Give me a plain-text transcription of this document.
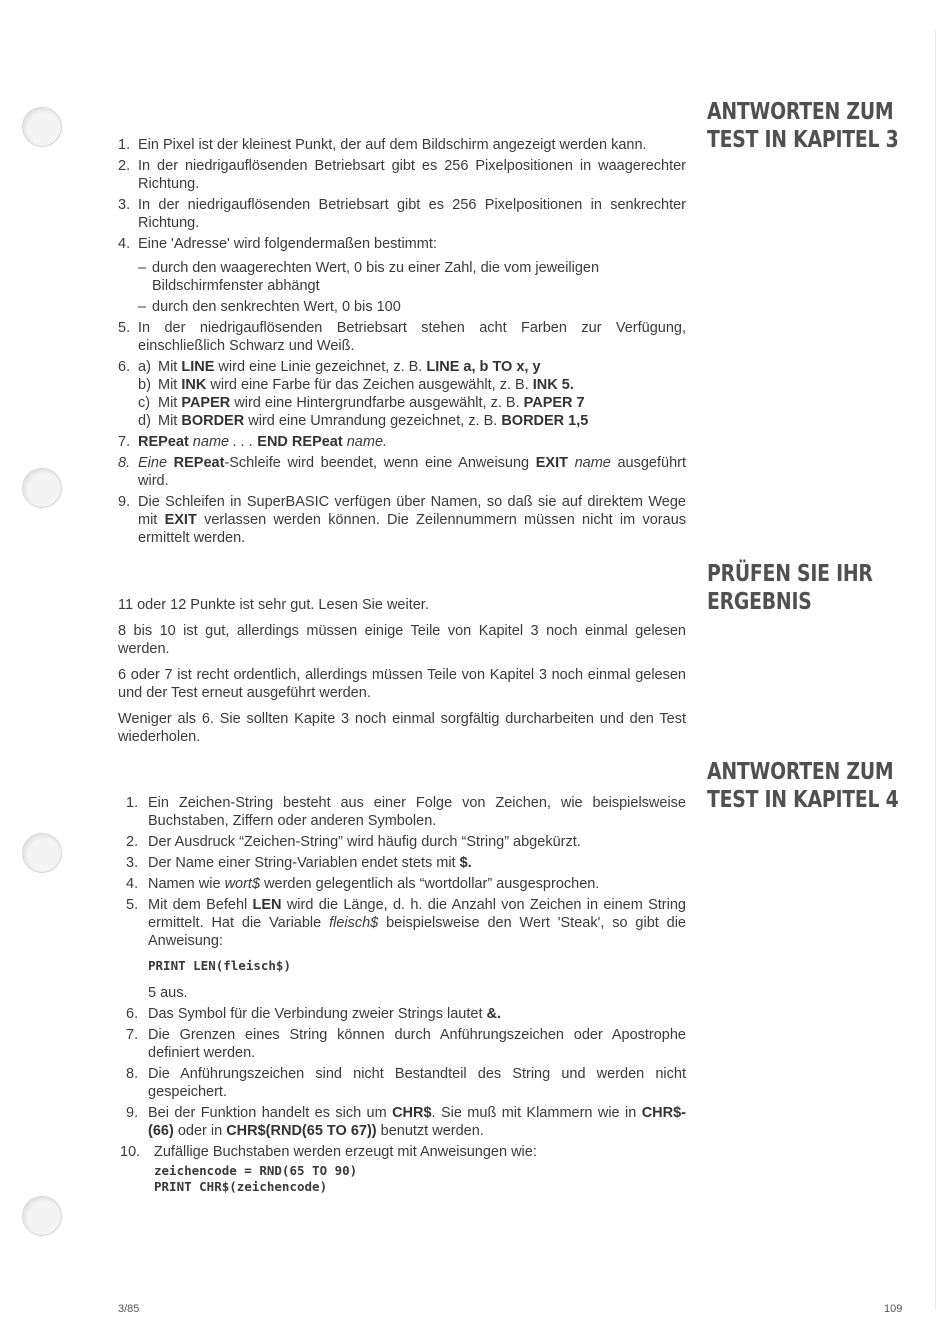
ANTWORTEN ZUM
TEST IN KAPITEL 3
PRÜFEN SIE IHR
ERGEBNIS
ANTWORTEN ZUM
TEST IN KAPITEL 4
1. Ein Pixel ist der kleinest Punkt, der auf dem Bildschirm angezeigt werden kann.
2. In der niedrigauflösenden Betriebsart gibt es 256 Pixelpositionen in waagerechter Richtung.
3. In der niedrigauflösenden Betriebsart gibt es 256 Pixelpositionen in senkrechter Richtung.
4. Eine 'Adresse' wird folgendermaßen bestimmt:
– durch den waagerechten Wert, 0 bis zu einer Zahl, die vom jeweiligen Bildschirmfenster abhängt
– durch den senkrechten Wert, 0 bis 100
5. In der niedrigauflösenden Betriebsart stehen acht Farben zur Verfügung, einschließlich Schwarz und Weiß.
6. a) Mit LINE wird eine Linie gezeichnet, z. B. LINE a, b TO x, y
b) Mit INK wird eine Farbe für das Zeichen ausgewählt, z. B. INK 5.
c) Mit PAPER wird eine Hintergrundfarbe ausgewählt, z. B. PAPER 7
d) Mit BORDER wird eine Umrandung gezeichnet, z. B. BORDER 1,5
7. REPeat name . . . END REPeat name.
8. Eine REPeat-Schleife wird beendet, wenn eine Anweisung EXIT name ausgeführt wird.
9. Die Schleifen in SuperBASIC verfügen über Namen, so daß sie auf direktem Wege mit EXIT verlassen werden können. Die Zeilennummern müssen nicht im voraus ermittelt werden.

11 oder 12 Punkte ist sehr gut. Lesen Sie weiter.

8 bis 10 ist gut, allerdings müssen einige Teile von Kapitel 3 noch einmal gelesen werden.

6 oder 7 ist recht ordentlich, allerdings müssen Teile von Kapitel 3 noch einmal gelesen und der Test erneut ausgeführt werden.

Weniger als 6. Sie sollten Kapite 3 noch einmal sorgfältig durcharbeiten und den Test wiederholen.

1. Ein Zeichen-String besteht aus einer Folge von Zeichen, wie beispielsweise Buchstaben, Ziffern oder anderen Symbolen.
2. Der Ausdruck “Zeichen-String” wird häufig durch “String” abgekürzt.
3. Der Name einer String-Variablen endet stets mit $.
4. Namen wie wort$ werden gelegentlich als “wortdollar” ausgesprochen.
5. Mit dem Befehl LEN wird die Länge, d. h. die Anzahl von Zeichen in einem String ermittelt. Hat die Variable fleisch$ beispielsweise den Wert 'Steak', so gibt die Anweisung:
PRINT LEN(fleisch$)
5 aus.
6. Das Symbol für die Verbindung zweier Strings lautet &.
7. Die Grenzen eines String können durch Anführungszeichen oder Apostrophe definiert werden.
8. Die Anführungszeichen sind nicht Bestandteil des String und werden nicht gespeichert.
9. Bei der Funktion handelt es sich um CHR$. Sie muß mit Klammern wie in CHR$-(66) oder in CHR$(RND(65 TO 67)) benutzt werden.
10. Zufällige Buchstaben werden erzeugt mit Anweisungen wie:
zeichencode = RND(65 TO 90)
PRINT CHR$(zeichencode)
3/85	109
